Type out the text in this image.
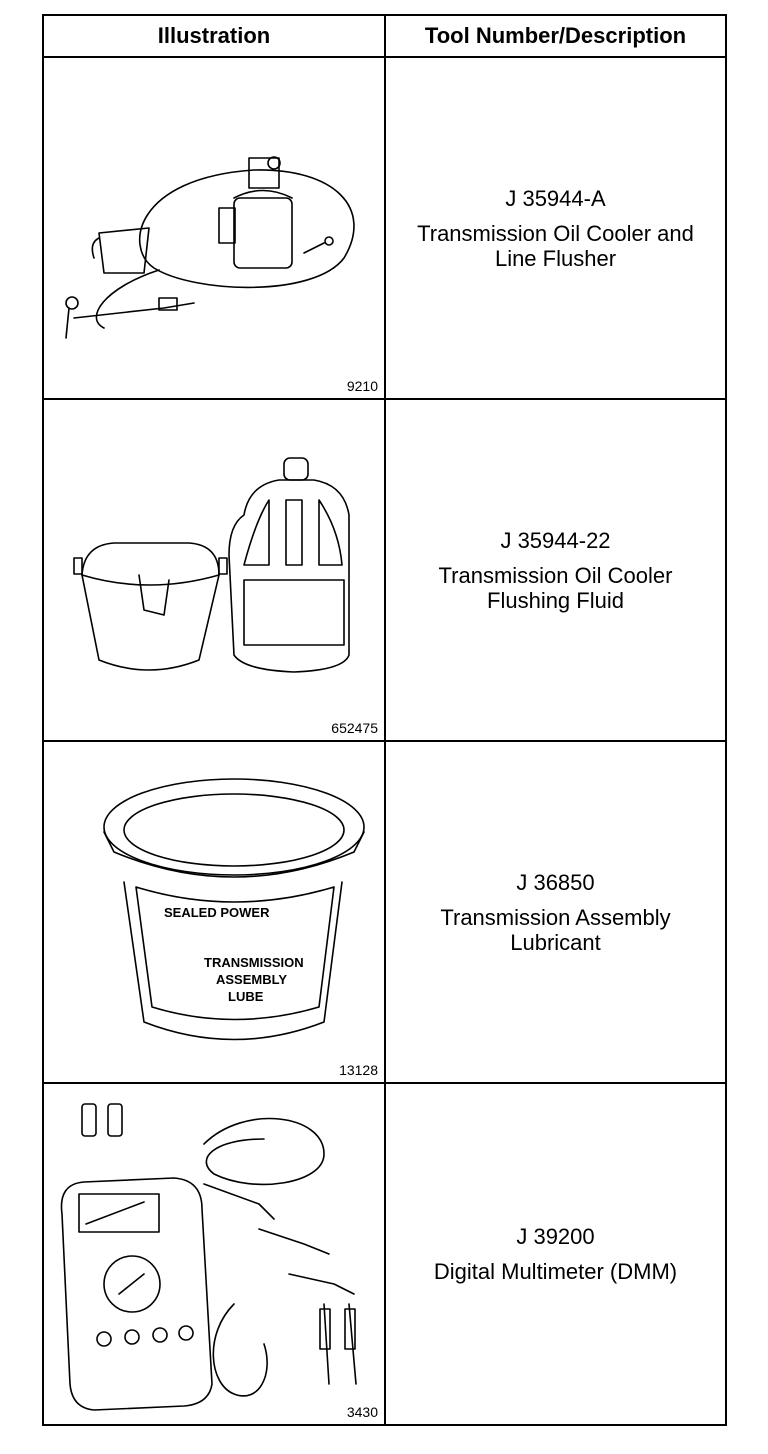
Illustration	Tool Number/Description

9210	J 35944-A
Transmission Oil Cooler and
Line Flusher

652475	J 35944-22
Transmission Oil Cooler
Flushing Fluid

SEALED POWER
TRANSMISSION
ASSEMBLY
LUBE
13128	J 36850
Transmission Assembly
Lubricant

3430	J 39200
Digital Multimeter (DMM)
